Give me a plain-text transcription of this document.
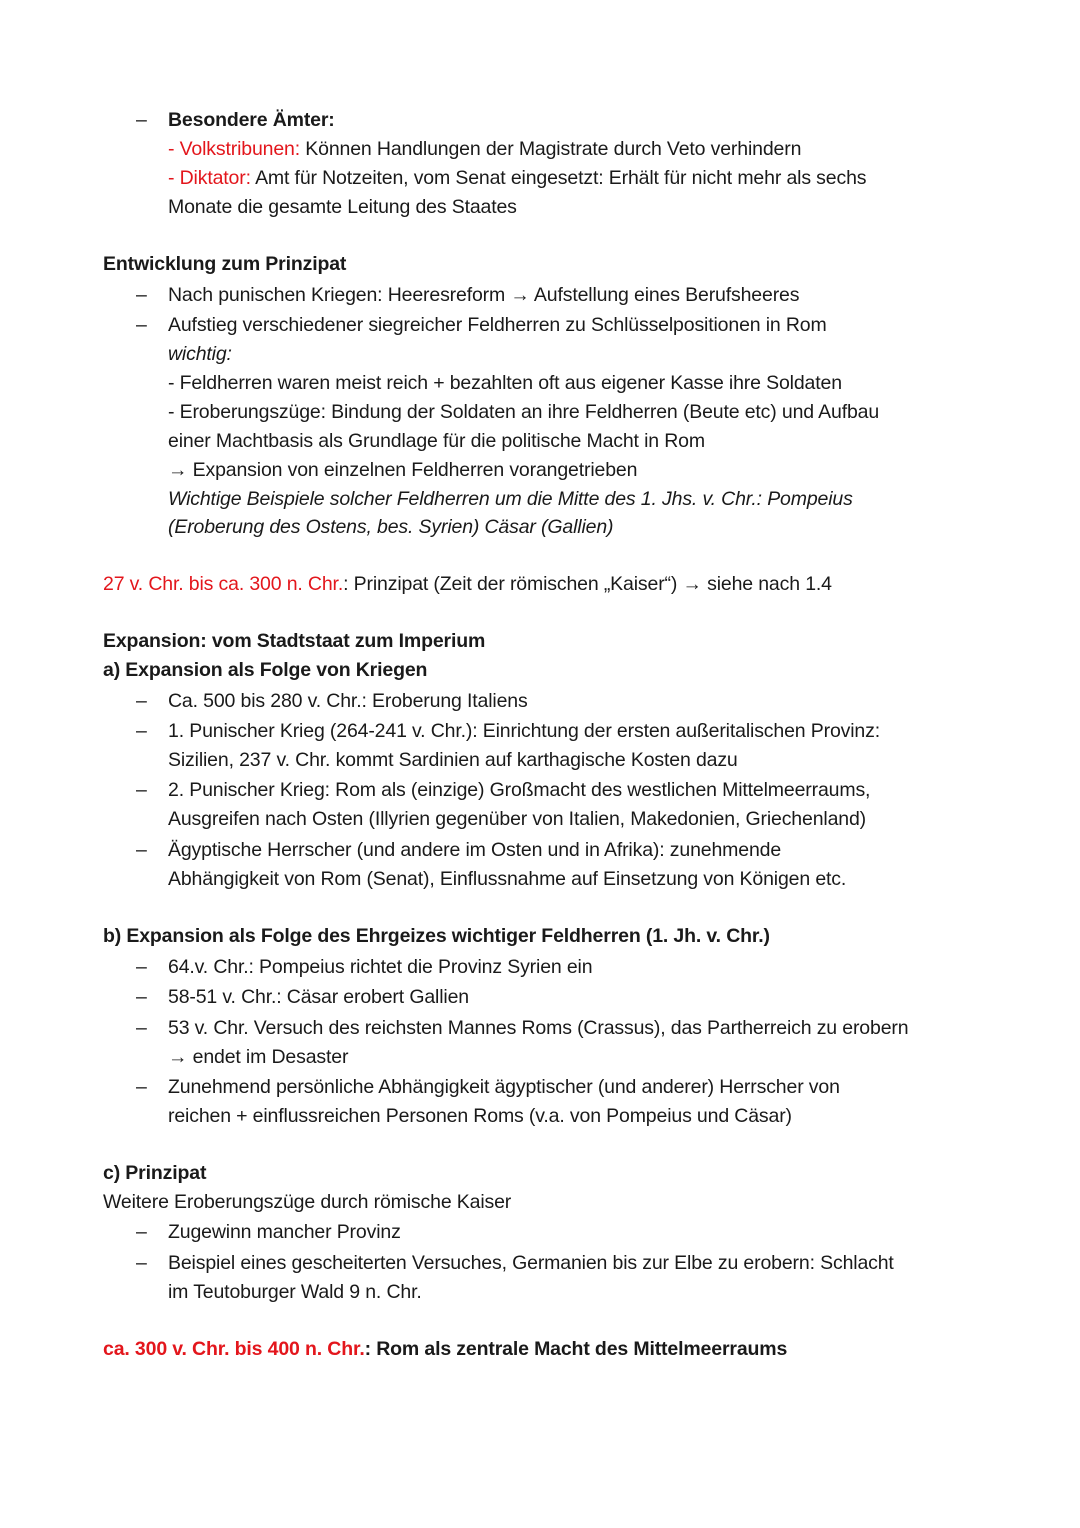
– Besondere Ämter:
- Volkstribunen: Können Handlungen der Magistrate durch Veto verhindern
- Diktator: Amt für Notzeiten, vom Senat eingesetzt: Erhält für nicht mehr als sechs
Monate die gesamte Leitung des Staates
Entwicklung zum Prinzipat
– Nach punischen Kriegen: Heeresreform → Aufstellung eines Berufsheeres
– Aufstieg verschiedener siegreicher Feldherren zu Schlüsselpositionen in Rom
wichtig:
- Feldherren waren meist reich + bezahlten oft aus eigener Kasse ihre Soldaten
- Eroberungszüge: Bindung der Soldaten an ihre Feldherren (Beute etc) und Aufbau
einer Machtbasis als Grundlage für die politische Macht in Rom
→ Expansion von einzelnen Feldherren vorangetrieben
Wichtige Beispiele solcher Feldherren um die Mitte des 1. Jhs. v. Chr.: Pompeius
(Eroberung des Ostens, bes. Syrien) Cäsar (Gallien)
27 v. Chr. bis ca. 300 n. Chr.: Prinzipat (Zeit der römischen „Kaiser“) → siehe nach 1.4
Expansion: vom Stadtstaat zum Imperium
a) Expansion als Folge von Kriegen
– Ca. 500 bis 280 v. Chr.: Eroberung Italiens
– 1. Punischer Krieg (264-241 v. Chr.): Einrichtung der ersten außeritalischen Provinz:
Sizilien, 237 v. Chr. kommt Sardinien auf karthagische Kosten dazu
– 2. Punischer Krieg: Rom als (einzige) Großmacht des westlichen Mittelmeerraums,
Ausgreifen nach Osten (Illyrien gegenüber von Italien, Makedonien, Griechenland)
– Ägyptische Herrscher (und andere im Osten und in Afrika): zunehmende
Abhängigkeit von Rom (Senat), Einflussnahme auf Einsetzung von Königen etc.
b) Expansion als Folge des Ehrgeizes wichtiger Feldherren (1. Jh. v. Chr.)
– 64.v. Chr.: Pompeius richtet die Provinz Syrien ein
– 58-51 v. Chr.: Cäsar erobert Gallien
– 53 v. Chr. Versuch des reichsten Mannes Roms (Crassus), das Partherreich zu erobern
→ endet im Desaster
– Zunehmend persönliche Abhängigkeit ägyptischer (und anderer) Herrscher von
reichen + einflussreichen Personen Roms (v.a. von Pompeius und Cäsar)
c) Prinzipat
Weitere Eroberungszüge durch römische Kaiser
– Zugewinn mancher Provinz
– Beispiel eines gescheiterten Versuches, Germanien bis zur Elbe zu erobern: Schlacht
im Teutoburger Wald 9 n. Chr.
ca. 300 v. Chr. bis 400 n. Chr.: Rom als zentrale Macht des Mittelmeerraums
